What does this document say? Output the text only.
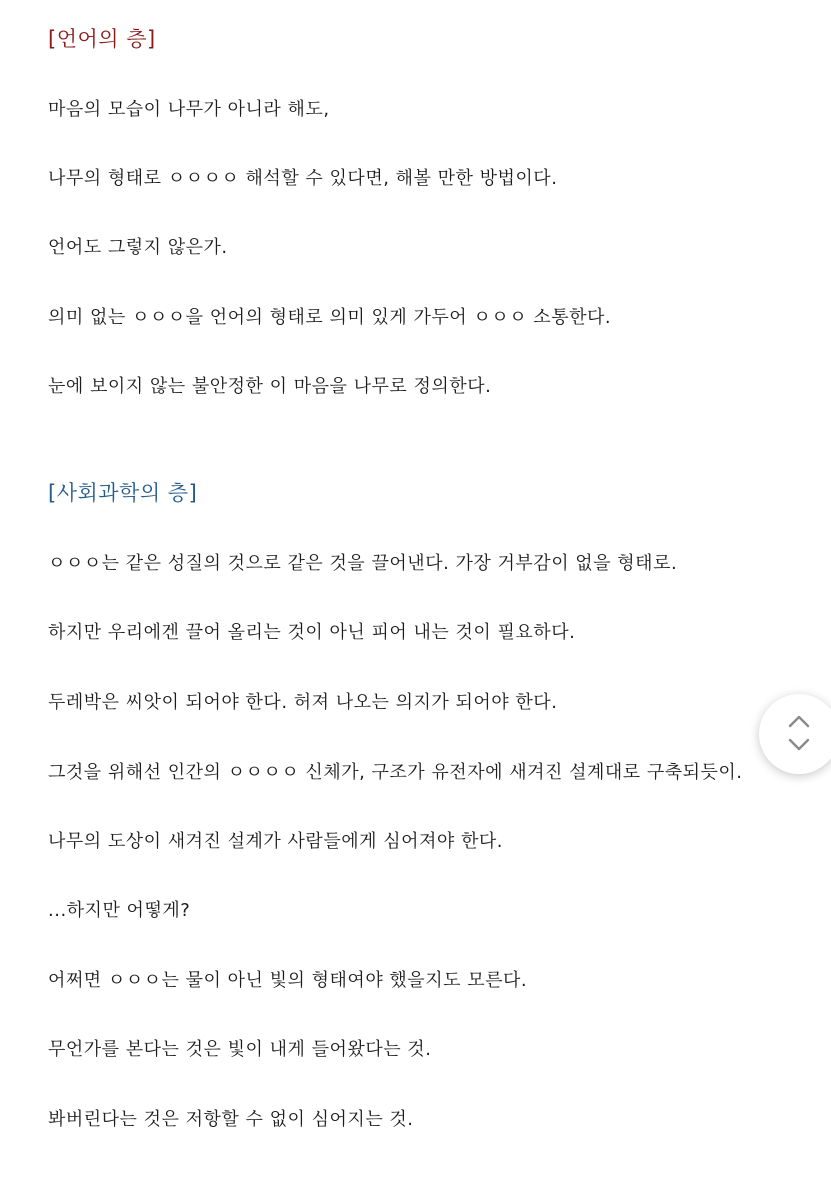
[언어의 층]
마음의 모습이 나무가 아니라 해도,
나무의 형태로 ㅇㅇㅇㅇ 해석할 수 있다면, 해볼 만한 방법이다.
언어도 그렇지 않은가.
의미 없는 ㅇㅇㅇ을 언어의 형태로 의미 있게 가두어 ㅇㅇㅇ 소통한다.
눈에 보이지 않는 불안정한 이 마음을 나무로 정의한다.
[사회과학의 층]
ㅇㅇㅇ는 같은 성질의 것으로 같은 것을 끌어낸다. 가장 거부감이 없을 형태로.
하지만 우리에겐 끌어 올리는 것이 아닌 피어 내는 것이 필요하다.
두레박은 씨앗이 되어야 한다. 허져 나오는 의지가 되어야 한다.
그것을 위해선 인간의 ㅇㅇㅇㅇ 신체가, 구조가 유전자에 새겨진 설계대로 구축되듯이.
나무의 도상이 새겨진 설계가 사람들에게 심어져야 한다.
...하지만 어떻게?
어쩌면 ㅇㅇㅇ는 물이 아닌 빛의 형태여야 했을지도 모른다.
무언가를 본다는 것은 빛이 내게 들어왔다는 것.
봐버린다는 것은 저항할 수 없이 심어지는 것.
